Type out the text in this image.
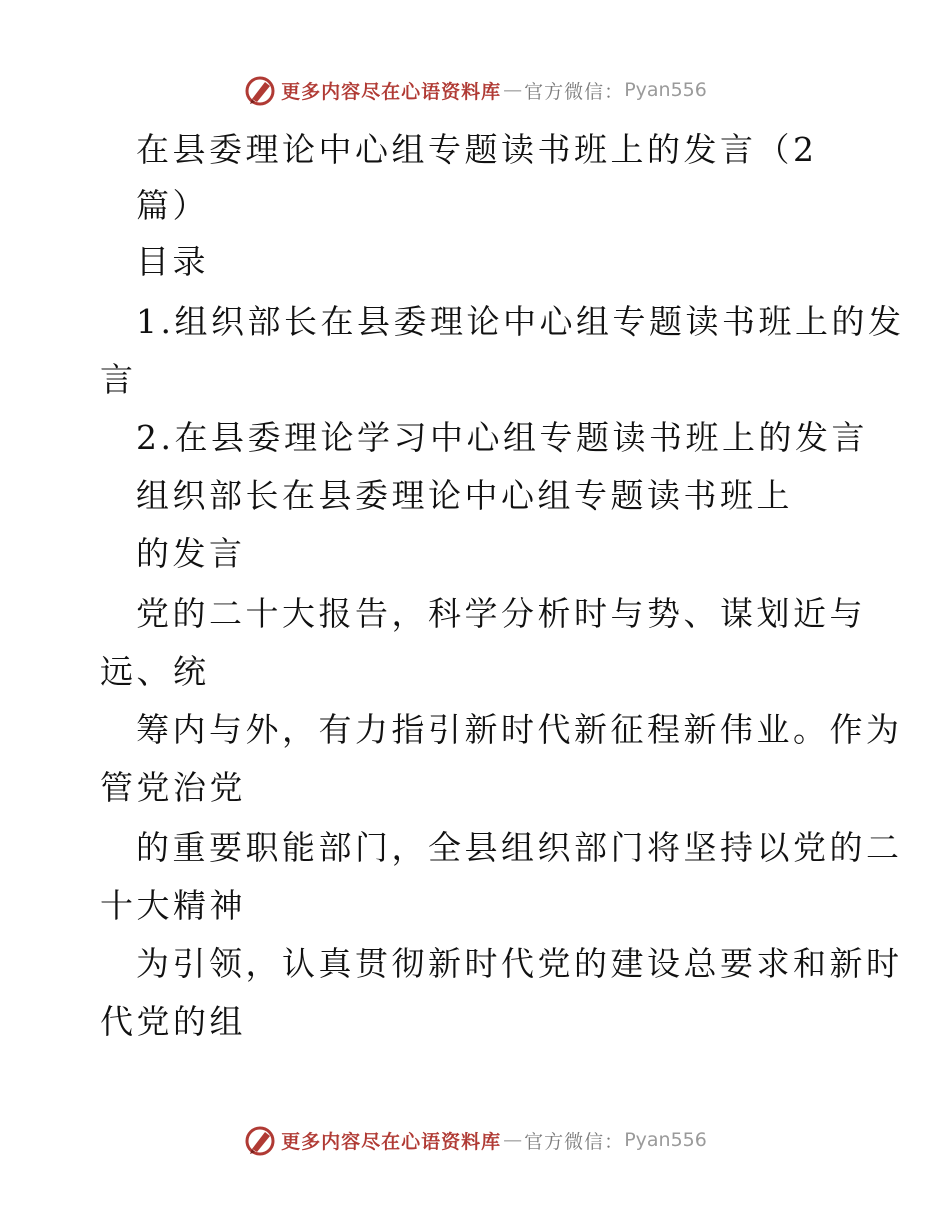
更多内容尽在心语资料库 — 官方微信： Pyan556
在县委理论中心组专题读书班上的发言（2
篇）
目录
1.组织部长在县委理论中心组专题读书班上的发
言
2.在县委理论学习中心组专题读书班上的发言
组织部长在县委理论中心组专题读书班上
的发言
党的二十大报告，科学分析时与势、谋划近与
远、统
筹内与外，有力指引新时代新征程新伟业。作为
管党治党
的重要职能部门，全县组织部门将坚持以党的二
十大精神
为引领，认真贯彻新时代党的建设总要求和新时
代党的组
更多内容尽在心语资料库 — 官方微信： Pyan556
